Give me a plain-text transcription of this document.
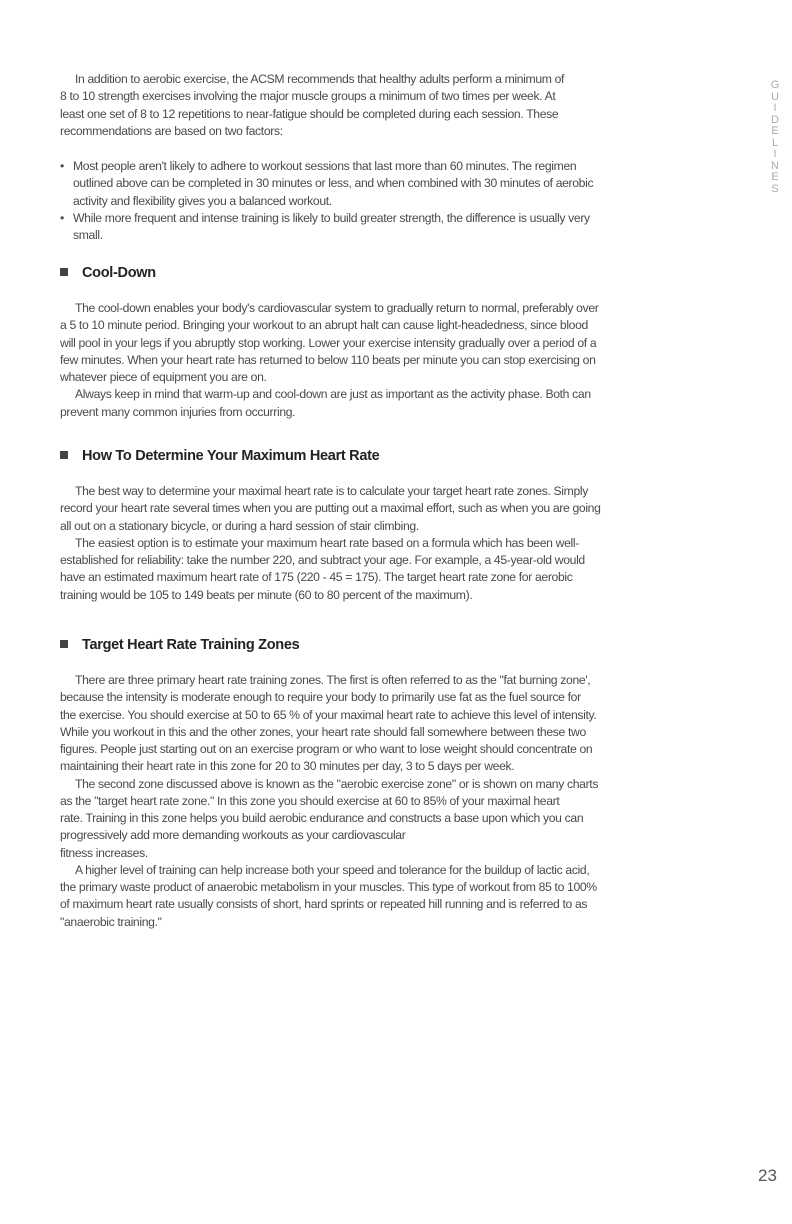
G
U
I
D
E
L
I
N
E
S
In addition to aerobic exercise, the ACSM recommends that healthy adults perform a minimum of
8 to 10 strength exercises involving the major muscle groups a minimum of two times per week. At
least one set of 8 to 12 repetitions to near-fatigue should be completed during each session. These
recommendations are based on two factors:
• Most people aren't likely to adhere to workout sessions that last more than 60 minutes. The regimen
outlined above can be completed in 30 minutes or less, and when combined with 30 minutes of aerobic
activity and flexibility gives you a balanced workout.
• While more frequent and intense training is likely to build greater strength, the difference is usually very
small.
Cool-Down
The cool-down enables your body's cardiovascular system to gradually return to normal, preferably over
a 5 to 10 minute period. Bringing your workout to an abrupt halt can cause light-headedness, since blood
will pool in your legs if you abruptly stop working. Lower your exercise intensity gradually over a period of a
few minutes. When your heart rate has returned to below 110 beats per minute you can stop exercising on
whatever piece of equipment you are on.
Always keep in mind that warm-up and cool-down are just as important as the activity phase. Both can
prevent many common injuries from occurring.
How To Determine Your Maximum Heart Rate
The best way to determine your maximal heart rate is to calculate your target heart rate zones. Simply
record your heart rate several times when you are putting out a maximal effort, such as when you are going
all out on a stationary bicycle, or during a hard session of stair climbing.
The easiest option is to estimate your maximum heart rate based on a formula which has been well-
established for reliability: take the number 220, and subtract your age. For example, a 45-year-old would
have an estimated maximum heart rate of 175 (220 - 45 = 175). The target heart rate zone for aerobic
training would be 105 to 149 beats per minute (60 to 80 percent of the maximum).
Target Heart Rate Training Zones
There are three primary heart rate training zones. The first is often referred to as the "fat burning zone',
because the intensity is moderate enough to require your body to primarily use fat as the fuel source for
the exercise. You should exercise at 50 to 65 % of your maximal heart rate to achieve this level of intensity.
While you workout in this and the other zones, your heart rate should fall somewhere between these two
figures. People just starting out on an exercise program or who want to lose weight should concentrate on
maintaining their heart rate in this zone for 20 to 30 minutes per day, 3 to 5 days per week.
The second zone discussed above is known as the "aerobic exercise zone" or is shown on many charts
as the "target heart rate zone." In this zone you should exercise at 60 to 85% of your maximal heart
rate. Training in this zone helps you build aerobic endurance and constructs a base upon which you can
progressively add more demanding workouts as your cardiovascular
fitness increases.
A higher level of training can help increase both your speed and tolerance for the buildup of lactic acid,
the primary waste product of anaerobic metabolism in your muscles. This type of workout from 85 to 100%
of maximum heart rate usually consists of short, hard sprints or repeated hill running and is referred to as
"anaerobic training."
23
